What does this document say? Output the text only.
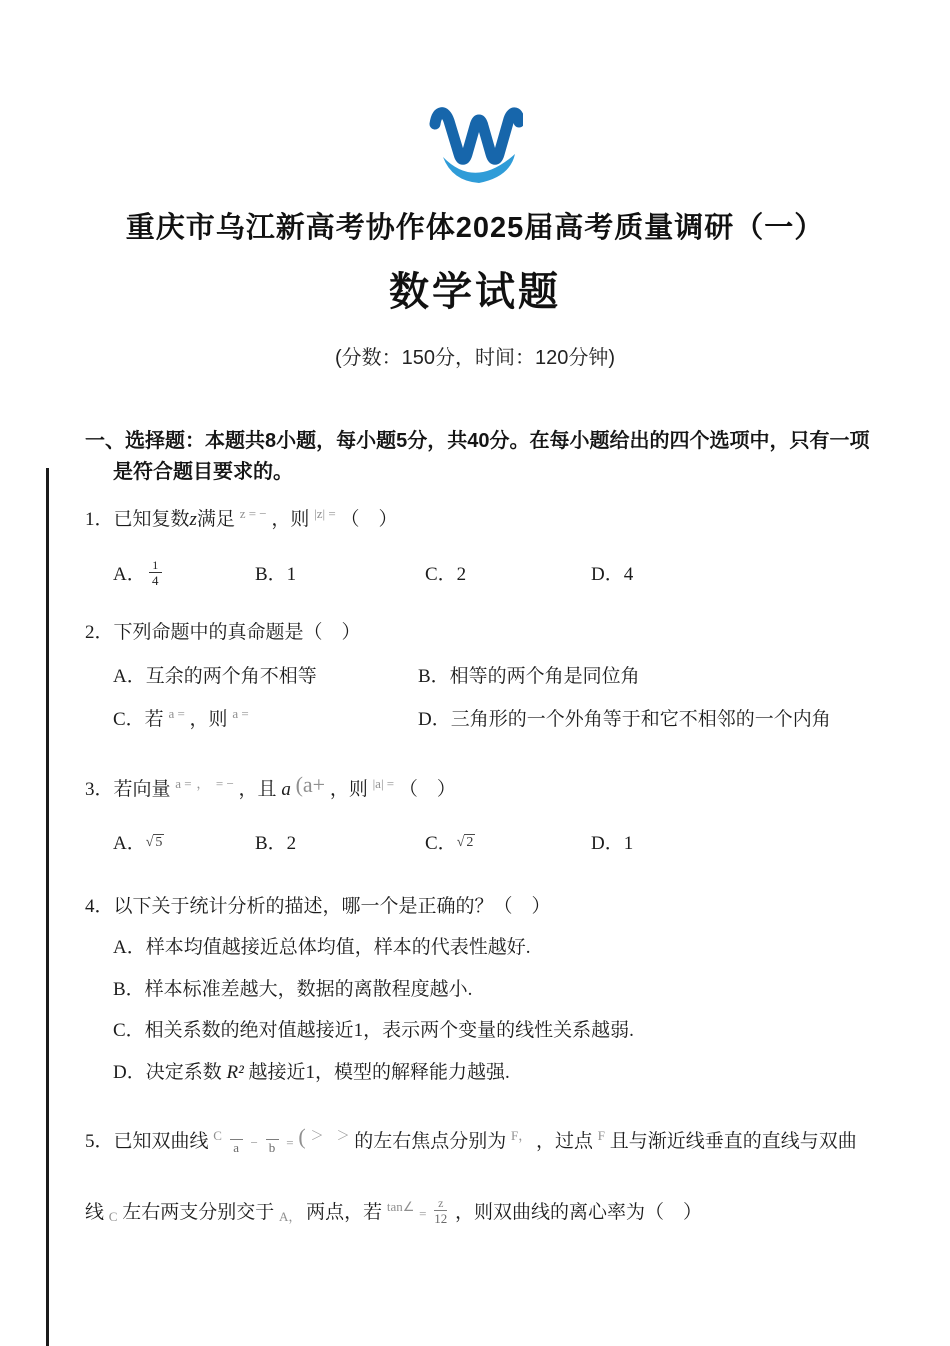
重庆市乌江新高考协作体2025届高考质量调研（一）
数学试题
(分数：150分，时间：120分钟)
一、选择题：本题共8小题，每小题5分，共40分。在每小题给出的四个选项中，只有一项
是符合题目要求的。
1．已知复数z满足 $^{z = -}$ ，则 $^{|z| =}$ （　）
A． $\frac{1}{4}$	B．1	C．2	D．4
2．下列命题中的真命题是（　）
A．互余的两个角不相等	B．相等的两个角是同位角
C．若 $^{a =}$ ，则 $^{a =}$	D．三角形的一个外角等于和它不相邻的一个内角
3．若向量 $^{a =}$ ，　= − ，且 a (a+ ，则 $^{|a| =}$ （　）
A．√ 5	B．2	C．√ 2	D．1
4．以下关于统计分析的描述，哪一个是正确的？（　）
A．样本均值越接近总体均值，样本的代表性越好.
B．样本标准差越大，数据的离散程度越小.
C．相关系数的绝对值越接近1，表示两个变量的线性关系越弱.
D．决定系数 R² 越接近1，模型的解释能力越强.
5．已知双曲线 $^C$
a − b = ( ＞　＞ 的左右焦点分别为 $^{F,}$ ，过点 $^F$ 且与渐近线垂直的直线与双曲
线 C 左右两支分别交于 A， 两点，若 $^{tan\angle} = \frac{z}{12}$ ，则双曲线的离心率为（　）
